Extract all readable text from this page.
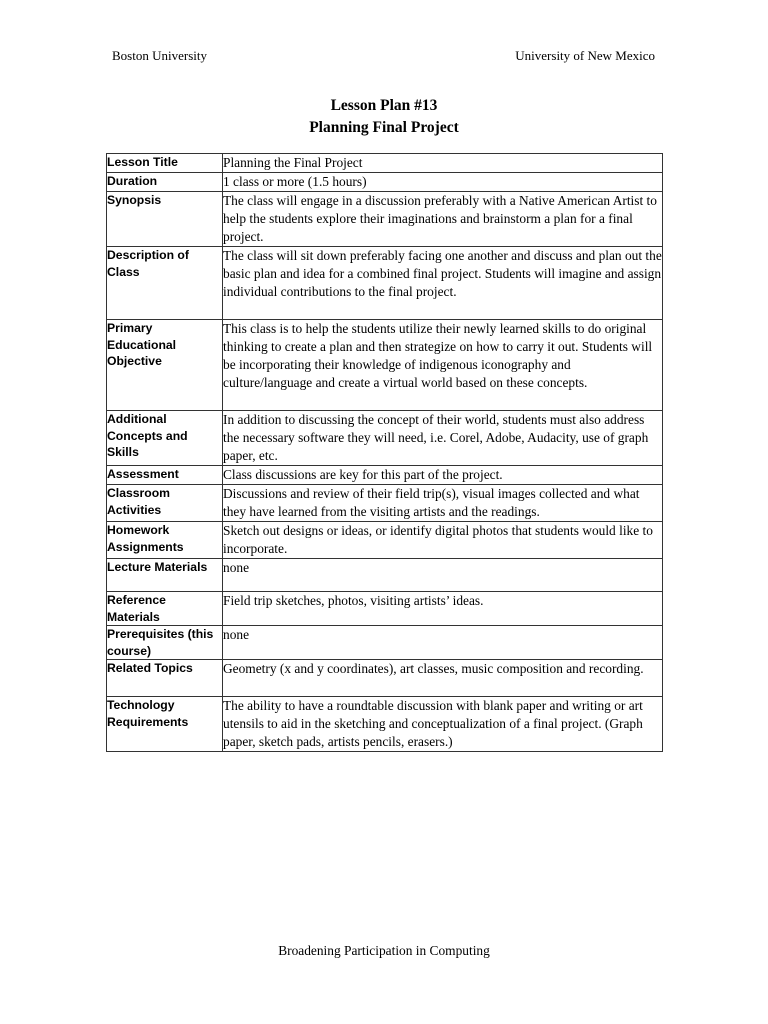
Boston University	University of New Mexico
Lesson Plan #13
Planning Final Project
Lesson Title	Planning the Final Project
Duration	1 class or more (1.5 hours)
Synopsis	The class will engage in a discussion preferably with a Native American Artist to help the students explore their imaginations and brainstorm a plan for a final project.
Description of Class	The class will sit down preferably facing one another and discuss and plan out the basic plan and idea for a combined final project. Students will imagine and assign individual contributions to the final project.
Primary Educational Objective	This class is to help the students utilize their newly learned skills to do original thinking to create a plan and then strategize on how to carry it out. Students will be incorporating their knowledge of indigenous iconography and culture/language and create a virtual world based on these concepts.
Additional Concepts and Skills	In addition to discussing the concept of their world, students must also address the necessary software they will need, i.e. Corel, Adobe, Audacity, use of graph paper, etc.
Assessment	Class discussions are key for this part of the project.
Classroom Activities	Discussions and review of their field trip(s), visual images collected and what they have learned from the visiting artists and the readings.
Homework Assignments	Sketch out designs or ideas, or identify digital photos that students would like to incorporate.
Lecture Materials	none
Reference Materials	Field trip sketches, photos, visiting artists’ ideas.
Prerequisites (this course)	none
Related Topics	Geometry (x and y coordinates), art classes, music composition and recording.
Technology Requirements	The ability to have a roundtable discussion with blank paper and writing or art utensils to aid in the sketching and conceptualization of a final project. (Graph paper, sketch pads, artists pencils, erasers.)
Broadening Participation in Computing
